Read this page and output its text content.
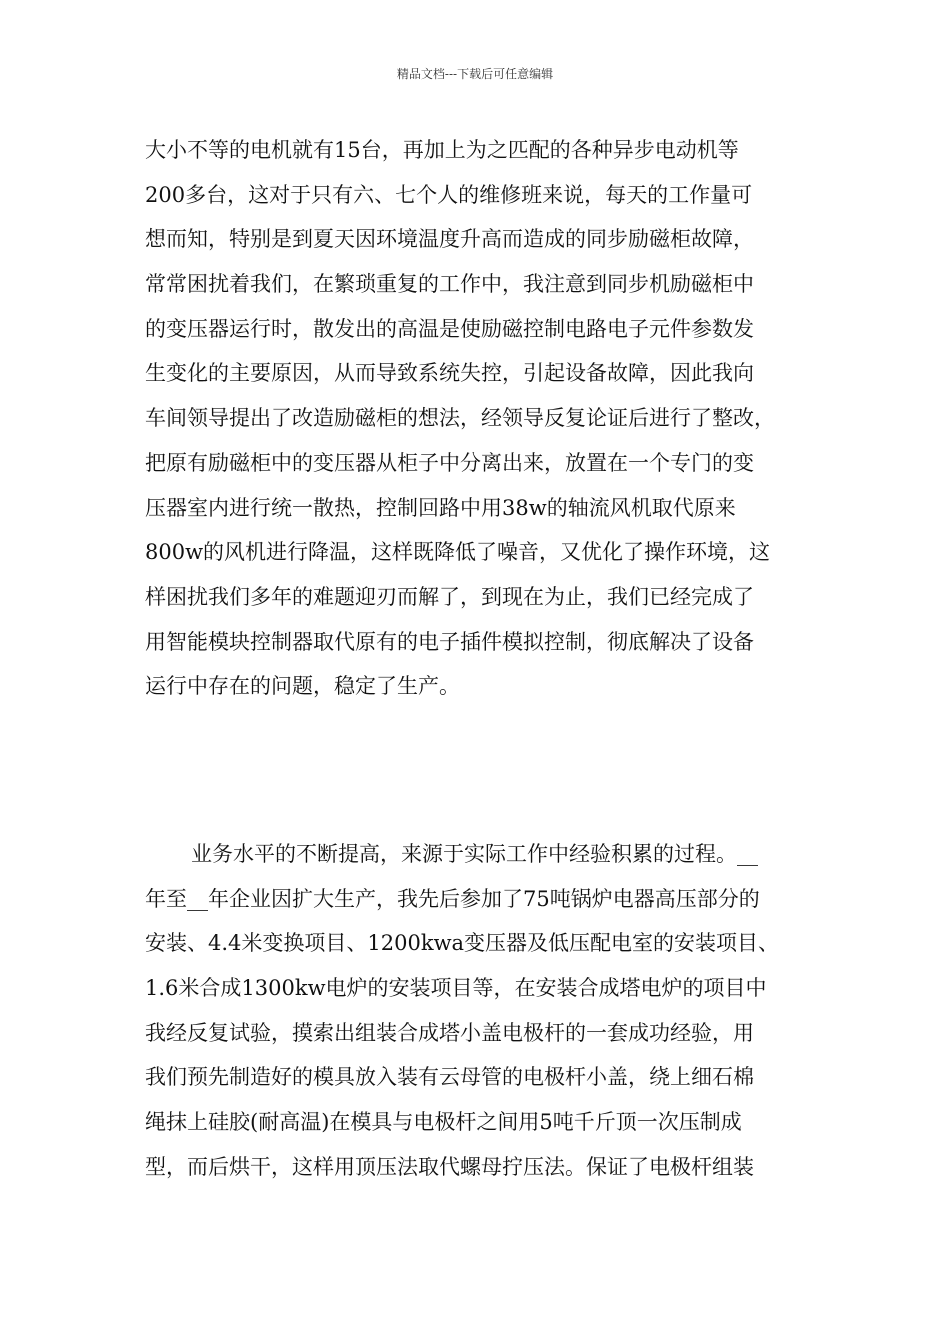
精品文档---下载后可任意编辑
大小不等的电机就有15台，再加上为之匹配的各种异步电动机等
200多台，这对于只有六、七个人的维修班来说，每天的工作量可
想而知，特别是到夏天因环境温度升高而造成的同步励磁柜故障，
常常困扰着我们，在繁琐重复的工作中，我注意到同步机励磁柜中
的变压器运行时，散发出的高温是使励磁控制电路电子元件参数发
生变化的主要原因，从而导致系统失控，引起设备故障，因此我向
车间领导提出了改造励磁柜的想法，经领导反复论证后进行了整改，
把原有励磁柜中的变压器从柜子中分离出来，放置在一个专门的变
压器室内进行统一散热，控制回路中用38w的轴流风机取代原来
800w的风机进行降温，这样既降低了噪音，又优化了操作环境，这
样困扰我们多年的难题迎刃而解了，到现在为止，我们已经完成了
用智能模块控制器取代原有的电子插件模拟控制，彻底解决了设备
运行中存在的问题，稳定了生产。
业务水平的不断提高，来源于实际工作中经验积累的过程。__
年至__年企业因扩大生产，我先后参加了75吨锅炉电器高压部分的
安装、4.4米变换项目、1200kwa变压器及低压配电室的安装项目、
1.6米合成1300kw电炉的安装项目等，在安装合成塔电炉的项目中
我经反复试验，摸索出组装合成塔小盖电极杆的一套成功经验，用
我们预先制造好的模具放入装有云母管的电极杆小盖，绕上细石棉
绳抹上硅胶(耐高温)在模具与电极杆之间用5吨千斤顶一次压制成
型，而后烘干，这样用顶压法取代螺母拧压法。保证了电极杆组装
